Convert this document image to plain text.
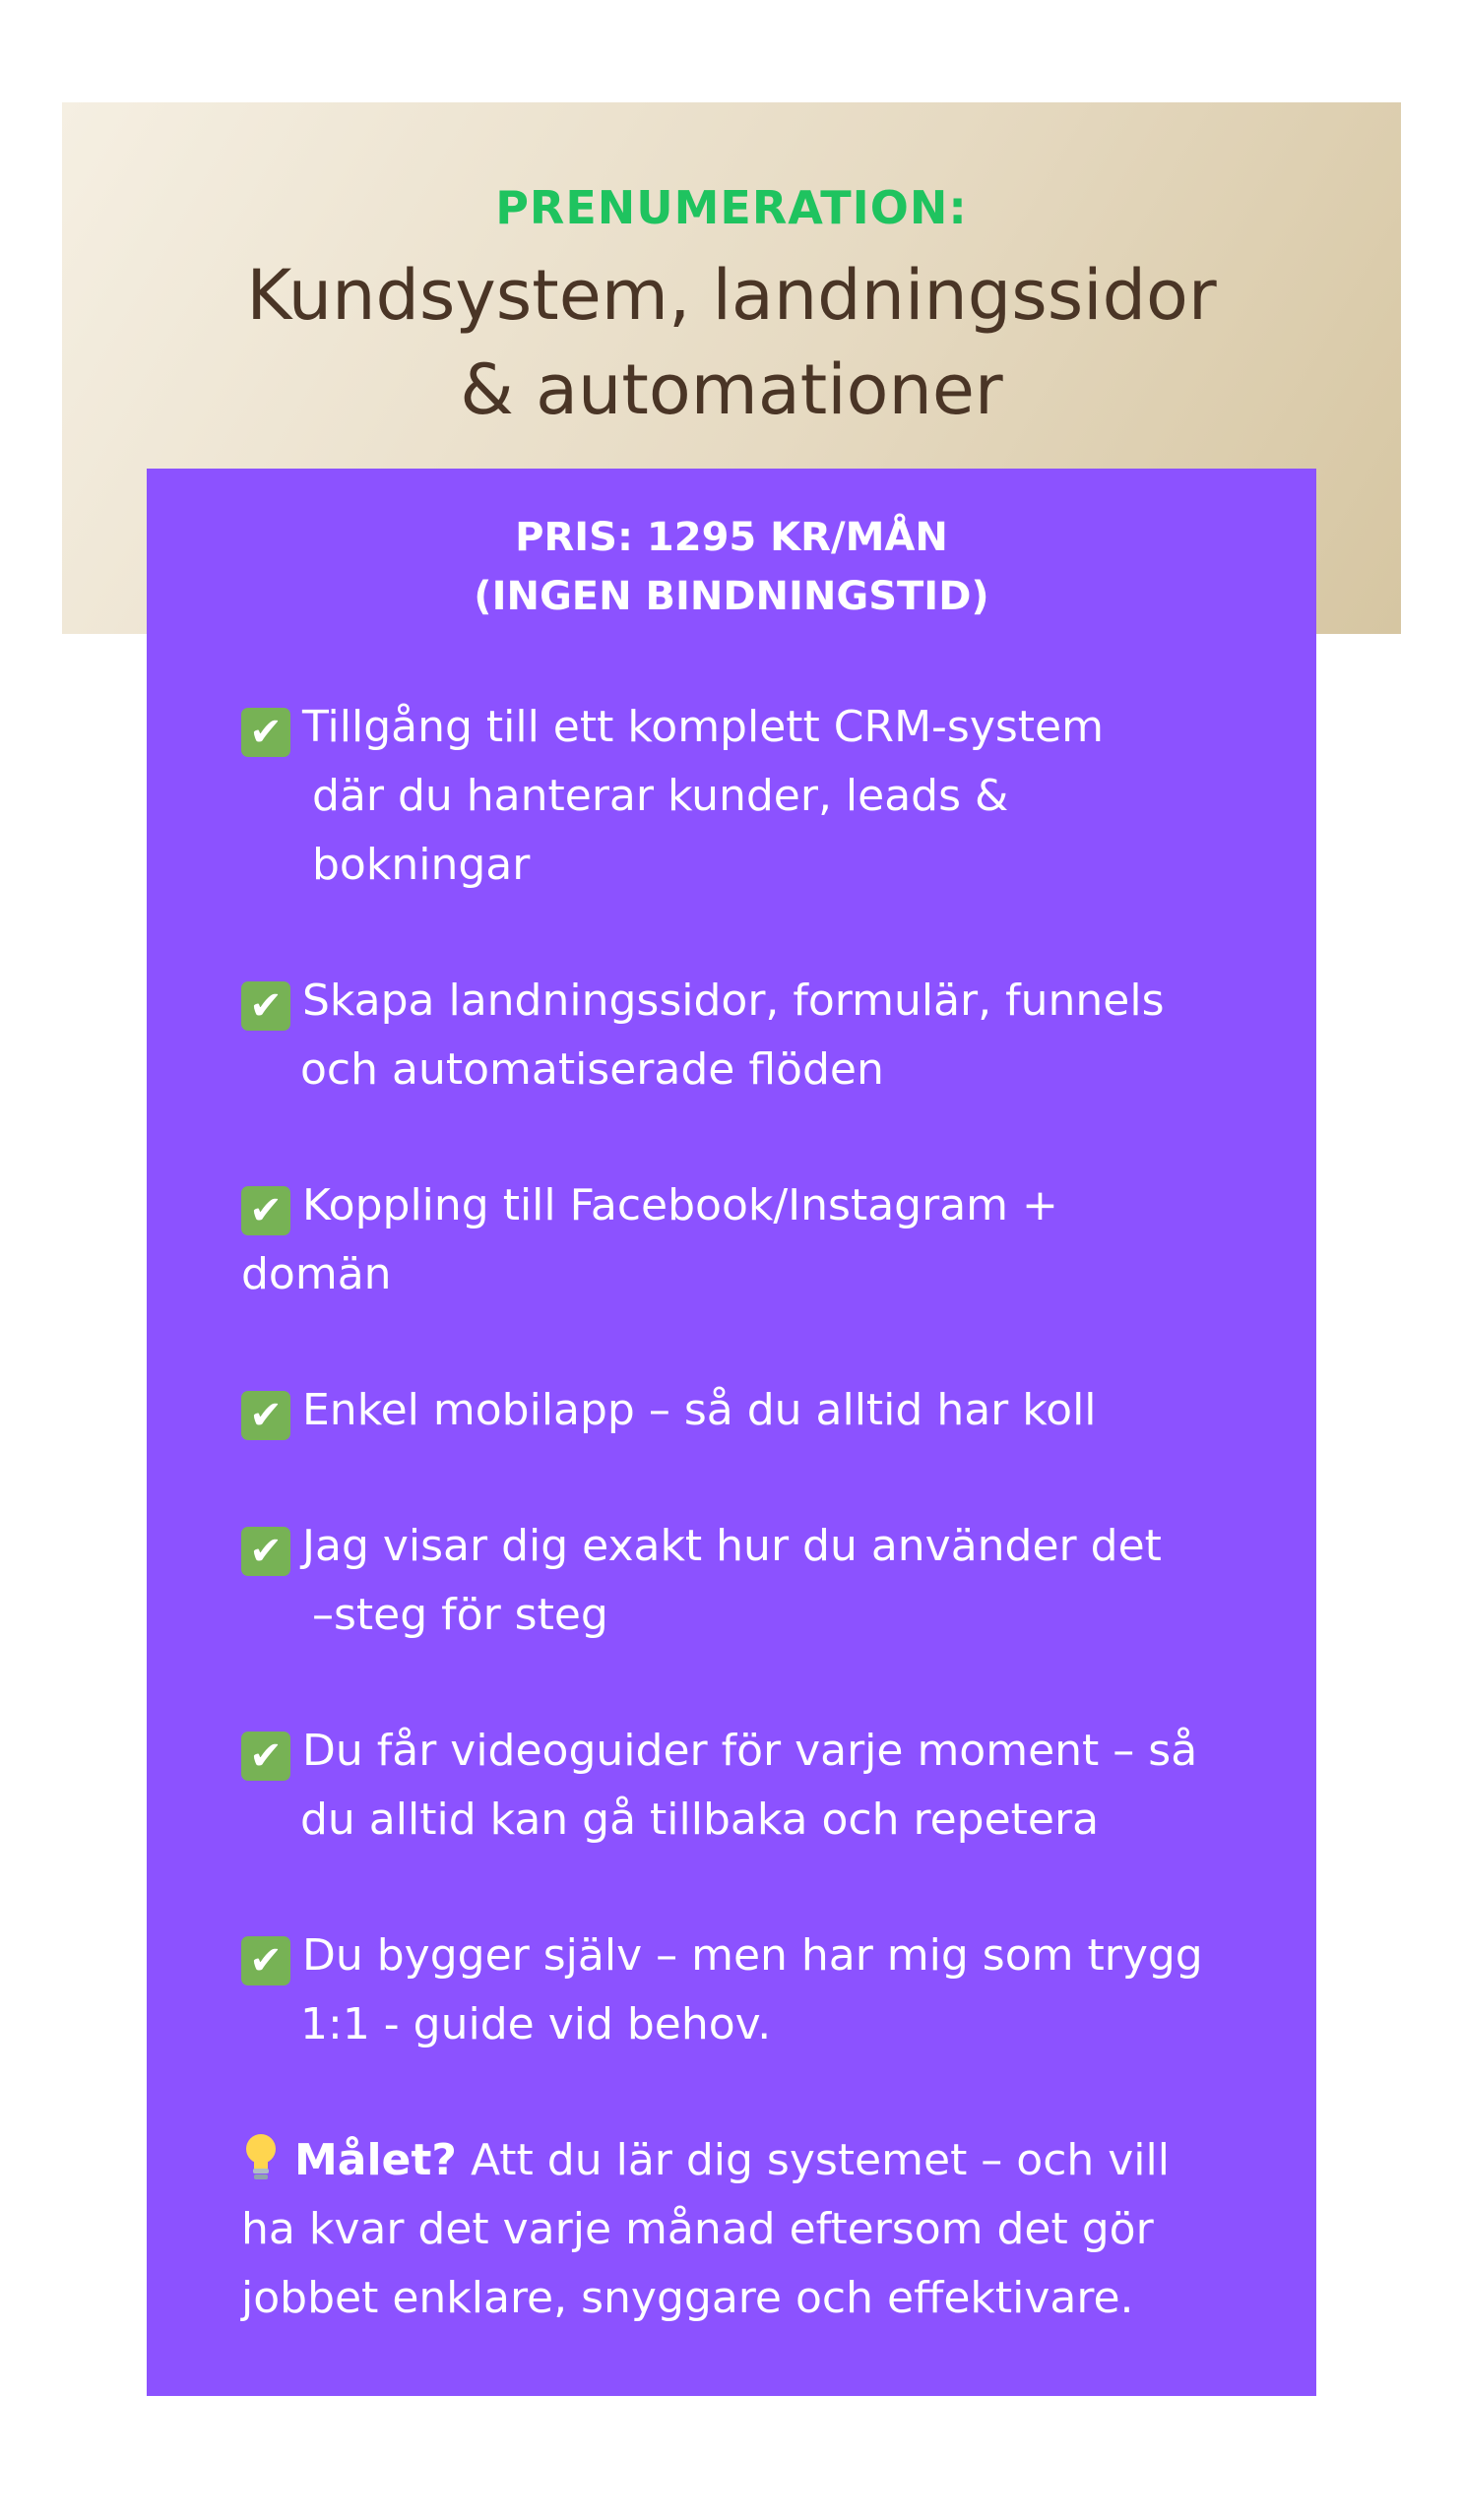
PRENUMERATION:
Kundsystem, landningssidor
& automationer
PRIS: 1295 KR/MÅN
(INGEN BINDNINGSTID)
✔ Tillgång till ett komplett CRM-system
där du hanterar kunder, leads &
bokningar
✔ Skapa landningssidor, formulär, funnels
och automatiserade flöden
✔ Koppling till Facebook/Instagram +
domän
✔ Enkel mobilapp – så du alltid har koll
✔ Jag visar dig exakt hur du använder det
–steg för steg
✔ Du får videoguider för varje moment – så
du alltid kan gå tillbaka och repetera
✔ Du bygger själv – men har mig som trygg
1:1 - guide vid behov.
Målet? Att du lär dig systemet – och vill
ha kvar det varje månad eftersom det gör
jobbet enklare, snyggare och effektivare.
